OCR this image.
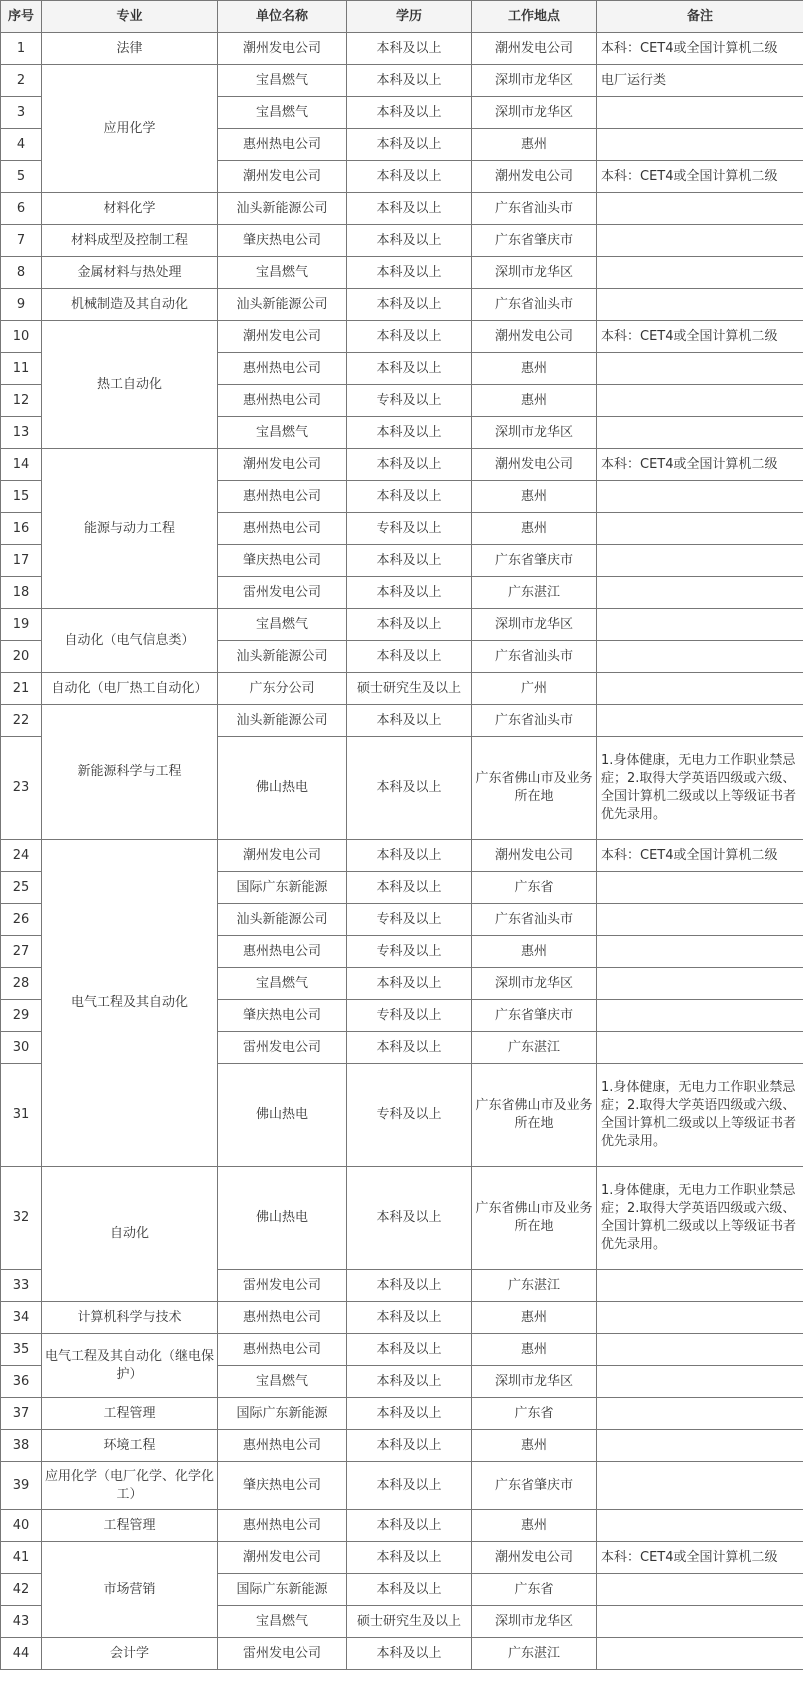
序号	专业	单位名称	学历	工作地点	备注
1	法律	潮州发电公司	本科及以上	潮州发电公司	本科：CET4或全国计算机二级
2	应用化学	宝昌燃气	本科及以上	深圳市龙华区	电厂运行类
3		宝昌燃气	本科及以上	深圳市龙华区	
4		惠州热电公司	本科及以上	惠州	
5		潮州发电公司	本科及以上	潮州发电公司	本科：CET4或全国计算机二级
6	材料化学	汕头新能源公司	本科及以上	广东省汕头市	
7	材料成型及控制工程	肇庆热电公司	本科及以上	广东省肇庆市	
8	金属材料与热处理	宝昌燃气	本科及以上	深圳市龙华区	
9	机械制造及其自动化	汕头新能源公司	本科及以上	广东省汕头市	
10	热工自动化	潮州发电公司	本科及以上	潮州发电公司	本科：CET4或全国计算机二级
11		惠州热电公司	本科及以上	惠州	
12		惠州热电公司	专科及以上	惠州	
13		宝昌燃气	本科及以上	深圳市龙华区	
14	能源与动力工程	潮州发电公司	本科及以上	潮州发电公司	本科：CET4或全国计算机二级
15		惠州热电公司	本科及以上	惠州	
16		惠州热电公司	专科及以上	惠州	
17		肇庆热电公司	本科及以上	广东省肇庆市	
18		雷州发电公司	本科及以上	广东湛江	
19	自动化（电气信息类）	宝昌燃气	本科及以上	深圳市龙华区	
20		汕头新能源公司	本科及以上	广东省汕头市	
21	自动化（电厂热工自动化）	广东分公司	硕士研究生及以上	广州	
22	新能源科学与工程	汕头新能源公司	本科及以上	广东省汕头市	
23		佛山热电	本科及以上	广东省佛山市及业务所在地	1.身体健康，无电力工作职业禁忌症；2.取得大学英语四级或六级、全国计算机二级或以上等级证书者优先录用。
24	电气工程及其自动化	潮州发电公司	本科及以上	潮州发电公司	本科：CET4或全国计算机二级
25		国际广东新能源	本科及以上	广东省	
26		汕头新能源公司	专科及以上	广东省汕头市	
27		惠州热电公司	专科及以上	惠州	
28		宝昌燃气	本科及以上	深圳市龙华区	
29		肇庆热电公司	专科及以上	广东省肇庆市	
30		雷州发电公司	本科及以上	广东湛江	
31		佛山热电	专科及以上	广东省佛山市及业务所在地	1.身体健康，无电力工作职业禁忌症；2.取得大学英语四级或六级、全国计算机二级或以上等级证书者优先录用。
32	自动化	佛山热电	本科及以上	广东省佛山市及业务所在地	1.身体健康，无电力工作职业禁忌症；2.取得大学英语四级或六级、全国计算机二级或以上等级证书者优先录用。
33		雷州发电公司	本科及以上	广东湛江	
34	计算机科学与技术	惠州热电公司	本科及以上	惠州	
35	电气工程及其自动化（继电保护）	惠州热电公司	本科及以上	惠州	
36		宝昌燃气	本科及以上	深圳市龙华区	
37	工程管理	国际广东新能源	本科及以上	广东省	
38	环境工程	惠州热电公司	本科及以上	惠州	
39	应用化学（电厂化学、化学化工）	肇庆热电公司	本科及以上	广东省肇庆市	
40	工程管理	惠州热电公司	本科及以上	惠州	
41	市场营销	潮州发电公司	本科及以上	潮州发电公司	本科：CET4或全国计算机二级
42		国际广东新能源	本科及以上	广东省	
43		宝昌燃气	硕士研究生及以上	深圳市龙华区	
44	会计学	雷州发电公司	本科及以上	广东湛江	
